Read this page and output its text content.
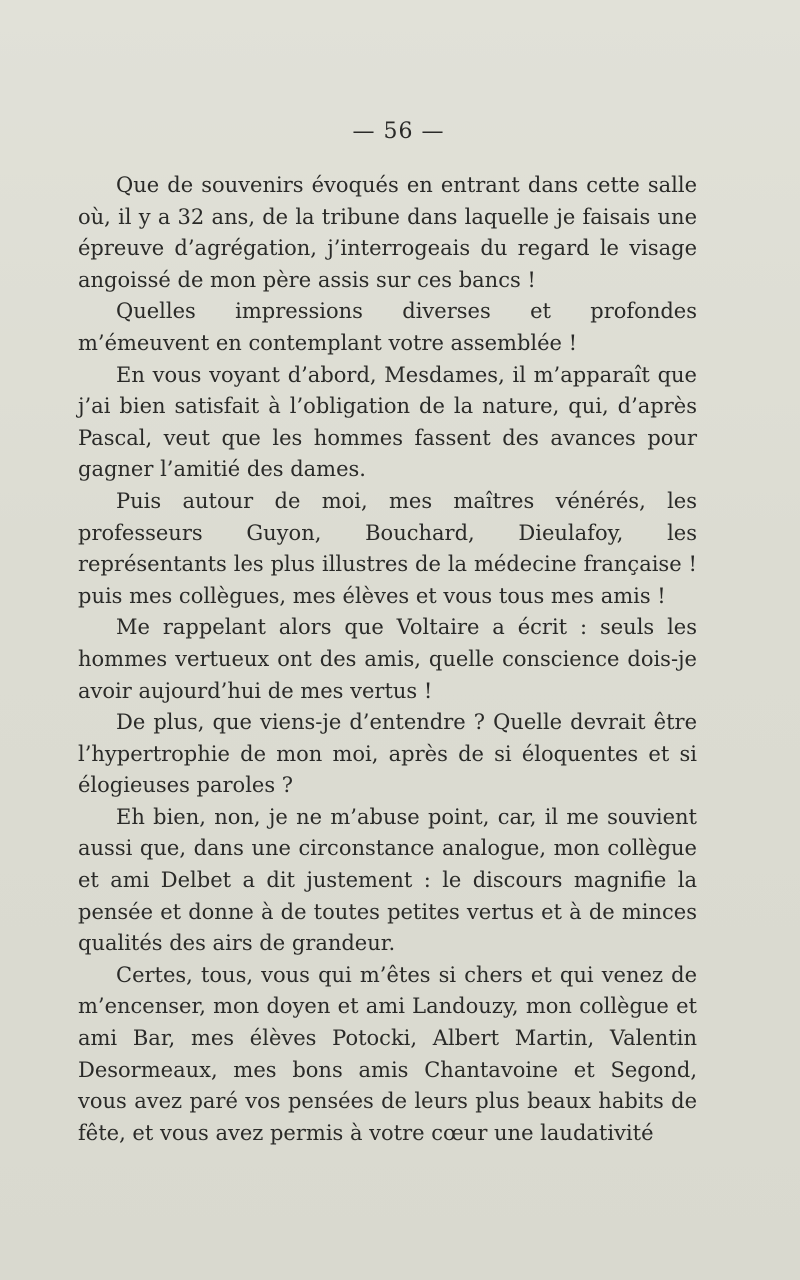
— 56 —

Que de souvenirs évoqués en entrant dans cette salle où, il y a 32 ans, de la tribune dans laquelle je faisais une épreuve d’agrégation, j’interrogeais du regard le visage angoissé de mon père assis sur ces bancs !

Quelles impressions diverses et profondes m’émeuvent en contemplant votre assemblée !

En vous voyant d’abord, Mesdames, il m’apparaît que j’ai bien satisfait à l’obligation de la nature, qui, d’après Pascal, veut que les hommes fassent des avances pour gagner l’amitié des dames.

Puis autour de moi, mes maîtres vénérés, les professeurs Guyon, Bouchard, Dieulafoy, les représentants les plus illustres de la médecine française ! puis mes collègues, mes élèves et vous tous mes amis !

Me rappelant alors que Voltaire a écrit : seuls les hommes vertueux ont des amis, quelle conscience dois-je avoir aujourd’hui de mes vertus !

De plus, que viens-je d’entendre ? Quelle devrait être l’hypertrophie de mon moi, après de si éloquentes et si élogieuses paroles ?

Eh bien, non, je ne m’abuse point, car, il me souvient aussi que, dans une circonstance analogue, mon collègue et ami Delbet a dit justement : le discours magnifie la pensée et donne à de toutes petites vertus et à de minces qualités des airs de grandeur.

Certes, tous, vous qui m’êtes si chers et qui venez de m’encenser, mon doyen et ami Landouzy, mon collègue et ami Bar, mes élèves Potocki, Albert Martin, Valentin Desormeaux, mes bons amis Chantavoine et Segond, vous avez paré vos pensées de leurs plus beaux habits de fête, et vous avez permis à votre cœur une laudativité
